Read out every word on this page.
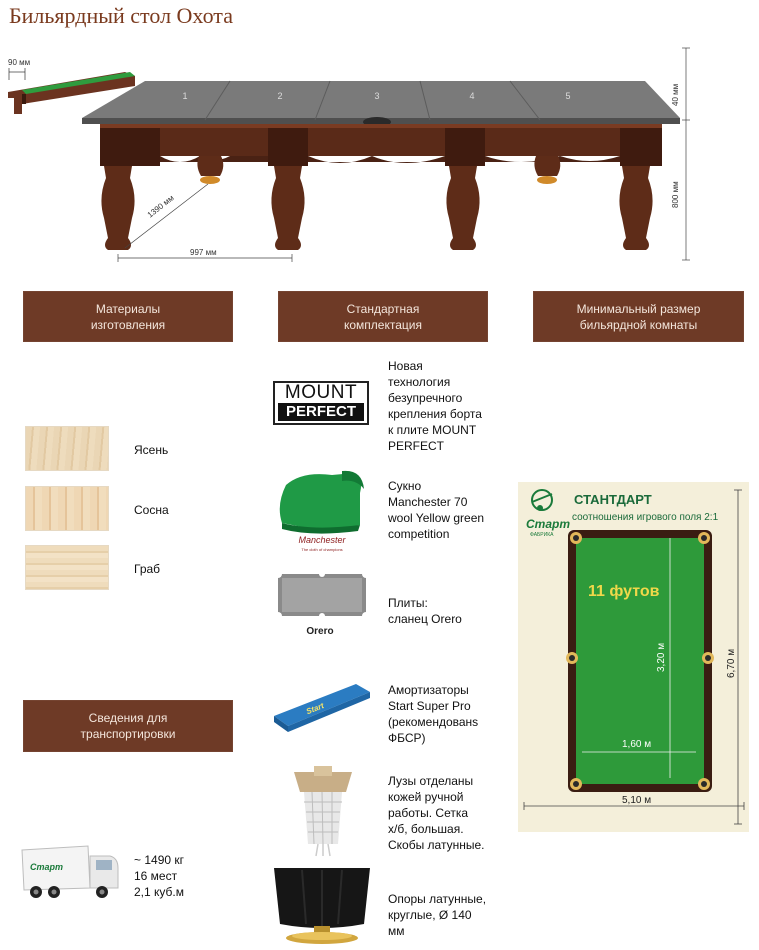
Бильярдный стол Охота
90 мм
1	2	3	4	5
997 мм
1390 мм
40 мм
800 мм
Материалы
изготовления
Стандартная
комплектация
Минимальный размер
бильярдной комнаты
Сведения для
транспортировки
Ясень
Сосна
Граб
MOUNT
PERFECT
Новая
технология
безупречного
крепления борта
к плите MOUNT
PERFECT
Manchester
The cloth of champions
Сукно
Manchester 70
wool Yellow green
competition
Orero
Плиты:
сланец Orero
Start
Амортизаторы
Start Super Pro
(рекомендованs
ФБСР)
Лузы отделаны
кожей ручной
работы. Сетка
х/б, большая.
Скобы латунные.
Опоры латунные,
круглые, Ø 140
мм
Старт
ФАБРИКА
СТАНТДАРТ
соотношения игрового поля 2:1
11 футов
3,20 м
1,60 м
6,70 м
5,10 м
Старт	~ 1490 кг
16 мест
2,1 куб.м
